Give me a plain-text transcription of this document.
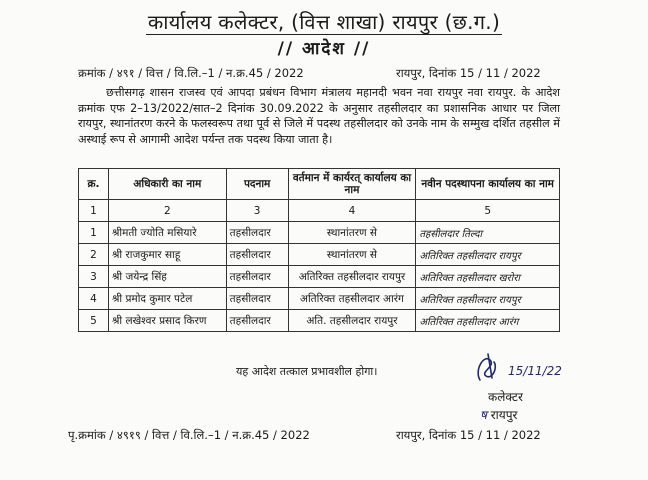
कार्यालय कलेक्टर, (वित्त शाखा) रायपुर (छ.ग.)
// आदेश //
क्रमांक / ४९१ / वित्त / वि.लि.–1 / न.क्र.45 / 2022	रायपुर, दिनांक 15 / 11 / 2022
छत्तीसगढ़ शासन राजस्व एवं आपदा प्रबंधन विभाग मंत्रालय महानदी भवन नवा रायपुर नवा रायपुर. के आदेश क्रमांक एफ 2–13/2022/सात–2 दिनांक 30.09.2022 के अनुसार तहसीलदार का प्रशासनिक आधार पर जिला रायपुर, स्थानांतरण करने के फलस्वरूप तथा पूर्व से जिले में पदस्थ तहसीलदार को उनके नाम के सम्मुख दर्शित तहसील में अस्थाई रूप से आगामी आदेश पर्यन्त तक पदस्थ किया जाता है।
क्र.	अधिकारी का नाम	पदनाम	वर्तमान में कार्यरत् कार्यालय का नाम	नवीन पदस्थापना कार्यालय का नाम
1	2	3	4	5
1	श्रीमती ज्योति मसियारे	तहसीलदार	स्थानांतरण से	तहसीलदार तिल्दा
2	श्री राजकुमार साहू	तहसीलदार	स्थानांतरण से	अतिरिक्त तहसीलदार रायपुर
3	श्री जयेन्द्र सिंह	तहसीलदार	अतिरिक्त तहसीलदार रायपुर	अतिरिक्त तहसीलदार खरोरा
4	श्री प्रमोद कुमार पटेल	तहसीलदार	अतिरिक्त तहसीलदार आरंग	अतिरिक्त तहसीलदार रायपुर
5	श्री लखेश्वर प्रसाद किरण	तहसीलदार	अति. तहसीलदार रायपुर	अतिरिक्त तहसीलदार आरंग
यह आदेश तत्काल प्रभावशील होगा।	15/11/22
कलेक्टर
ष रायपुर
पृ.क्रमांक / ४९१९ / वित्त / वि.लि.–1 / न.क्र.45 / 2022	रायपुर, दिनांक 15 / 11 / 2022
